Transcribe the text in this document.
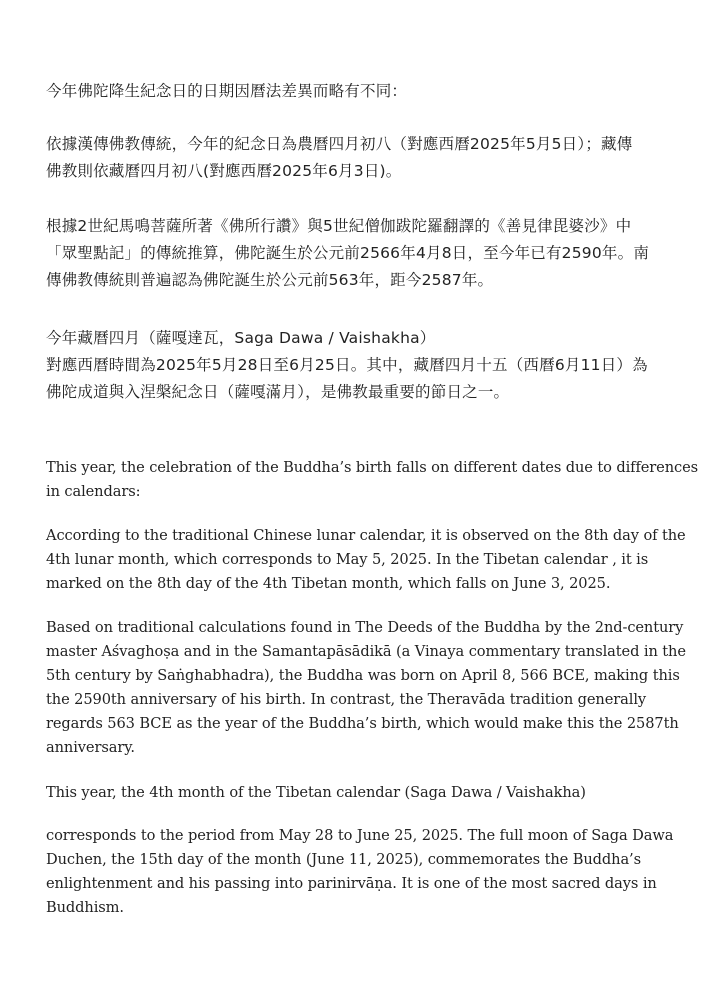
今年佛陀降生紀念日的日期因曆法差異而略有不同：

依據漢傳佛教傳統，今年的紀念日為農曆四月初八（對應西曆2025年5月5日）；藏傳
佛教則依藏曆四月初八(對應西曆2025年6月3日)。

根據2世紀馬鳴菩薩所著《佛所行讚》與5世紀僧伽跋陀羅翻譯的《善見律毘婆沙》中
「眾聖點記」的傳統推算，佛陀誕生於公元前2566年4月8日，至今年已有2590年。南
傳佛教傳統則普遍認為佛陀誕生於公元前563年，距今2587年。

今年藏曆四月（薩嘎達瓦，Saga Dawa / Vaishakha）
對應西曆時間為2025年5月28日至6月25日。其中，藏曆四月十五（西曆6月11日）為
佛陀成道與入涅槃紀念日（薩嘎滿月），是佛教最重要的節日之一。

This year, the celebration of the Buddha’s birth falls on different dates due to differences
in calendars:

According to the traditional Chinese lunar calendar, it is observed on the 8th day of the
4th lunar month, which corresponds to May 5, 2025. In the Tibetan calendar , it is
marked on the 8th day of the 4th Tibetan month, which falls on June 3, 2025.

Based on traditional calculations found in The Deeds of the Buddha by the 2nd-century
master Aśvaghoṣa and in the Samantapāsādikā (a Vinaya commentary translated in the
5th century by Saṅghabhadra), the Buddha was born on April 8, 566 BCE, making this
the 2590th anniversary of his birth. In contrast, the Theravāda tradition generally
regards 563 BCE as the year of the Buddha’s birth, which would make this the 2587th
anniversary.

This year, the 4th month of the Tibetan calendar (Saga Dawa / Vaishakha)

corresponds to the period from May 28 to June 25, 2025. The full moon of Saga Dawa
Duchen, the 15th day of the month (June 11, 2025), commemorates the Buddha’s
enlightenment and his passing into parinirvāṇa. It is one of the most sacred days in
Buddhism.
